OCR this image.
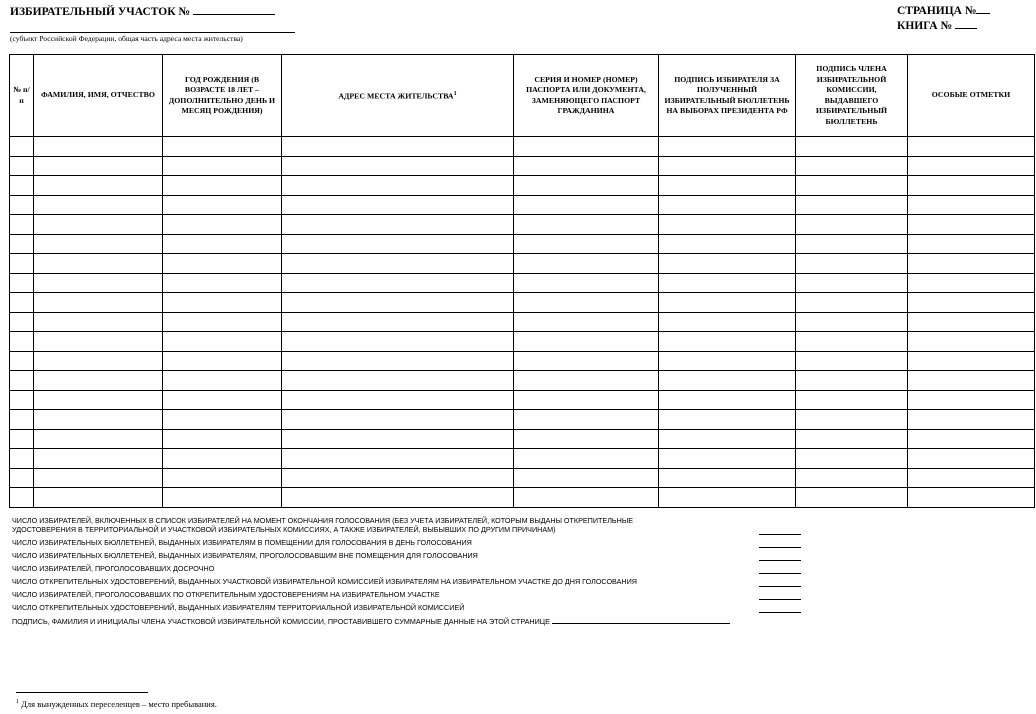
ИЗБИРАТЕЛЬНЫЙ УЧАСТОК №
(субъект Российской Федерации, общая часть адреса места жительства)
СТРАНИЦА №
КНИГА №
№ п/п	ФАМИЛИЯ, ИМЯ, ОТЧЕСТВО	ГОД РОЖДЕНИЯ (В ВОЗРАСТЕ 18 ЛЕТ – ДОПОЛНИТЕЛЬНО ДЕНЬ И МЕСЯЦ РОЖДЕНИЯ)	АДРЕС МЕСТА ЖИТЕЛЬСТВА$^1$	СЕРИЯ И НОМЕР (НОМЕР) ПАСПОРТА ИЛИ ДОКУМЕНТА, ЗАМЕНЯЮЩЕГО ПАСПОРТ ГРАЖДАНИНА	ПОДПИСЬ ИЗБИРАТЕЛЯ ЗА ПОЛУЧЕННЫЙ ИЗБИРАТЕЛЬНЫЙ БЮЛЛЕТЕНЬ НА ВЫБОРАХ ПРЕЗИДЕНТА РФ	ПОДПИСЬ ЧЛЕНА ИЗБИРАТЕЛЬНОЙ КОМИССИИ, ВЫДАВШЕГО ИЗБИРАТЕЛЬНЫЙ БЮЛЛЕТЕНЬ	ОСОБЫЕ ОТМЕТКИ

ЧИСЛО ИЗБИРАТЕЛЕЙ, ВКЛЮЧЕННЫХ В СПИСОК ИЗБИРАТЕЛЕЙ НА МОМЕНТ ОКОНЧАНИЯ ГОЛОСОВАНИЯ (БЕЗ УЧЕТА ИЗБИРАТЕЛЕЙ, КОТОРЫМ ВЫДАНЫ ОТКРЕПИТЕЛЬНЫЕ
УДОСТОВЕРЕНИЯ В ТЕРРИТОРИАЛЬНОЙ И УЧАСТКОВОЙ ИЗБИРАТЕЛЬНЫХ КОМИССИЯХ, А ТАКЖЕ ИЗБИРАТЕЛЕЙ, ВЫБЫВШИХ ПО ДРУГИМ ПРИЧИНАМ)
ЧИСЛО ИЗБИРАТЕЛЬНЫХ БЮЛЛЕТЕНЕЙ, ВЫДАННЫХ ИЗБИРАТЕЛЯМ В ПОМЕЩЕНИИ ДЛЯ ГОЛОСОВАНИЯ В ДЕНЬ ГОЛОСОВАНИЯ
ЧИСЛО ИЗБИРАТЕЛЬНЫХ БЮЛЛЕТЕНЕЙ, ВЫДАННЫХ ИЗБИРАТЕЛЯМ, ПРОГОЛОСОВАВШИМ ВНЕ ПОМЕЩЕНИЯ ДЛЯ ГОЛОСОВАНИЯ
ЧИСЛО ИЗБИРАТЕЛЕЙ, ПРОГОЛОСОВАВШИХ ДОСРОЧНО
ЧИСЛО ОТКРЕПИТЕЛЬНЫХ УДОСТОВЕРЕНИЙ, ВЫДАННЫХ УЧАСТКОВОЙ ИЗБИРАТЕЛЬНОЙ КОМИССИЕЙ ИЗБИРАТЕЛЯМ НА ИЗБИРАТЕЛЬНОМ УЧАСТКЕ ДО ДНЯ ГОЛОСОВАНИЯ
ЧИСЛО ИЗБИРАТЕЛЕЙ, ПРОГОЛОСОВАВШИХ ПО ОТКРЕПИТЕЛЬНЫМ УДОСТОВЕРЕНИЯМ НА ИЗБИРАТЕЛЬНОМ УЧАСТКЕ
ЧИСЛО ОТКРЕПИТЕЛЬНЫХ УДОСТОВЕРЕНИЙ, ВЫДАННЫХ ИЗБИРАТЕЛЯМ ТЕРРИТОРИАЛЬНОЙ ИЗБИРАТЕЛЬНОЙ КОМИССИЕЙ
ПОДПИСЬ, ФАМИЛИЯ И ИНИЦИАЛЫ ЧЛЕНА УЧАСТКОВОЙ ИЗБИРАТЕЛЬНОЙ КОМИССИИ, ПРОСТАВИВШЕГО СУММАРНЫЕ ДАННЫЕ НА ЭТОЙ СТРАНИЦЕ
$^1$ Для вынужденных переселенцев – место пребывания.
